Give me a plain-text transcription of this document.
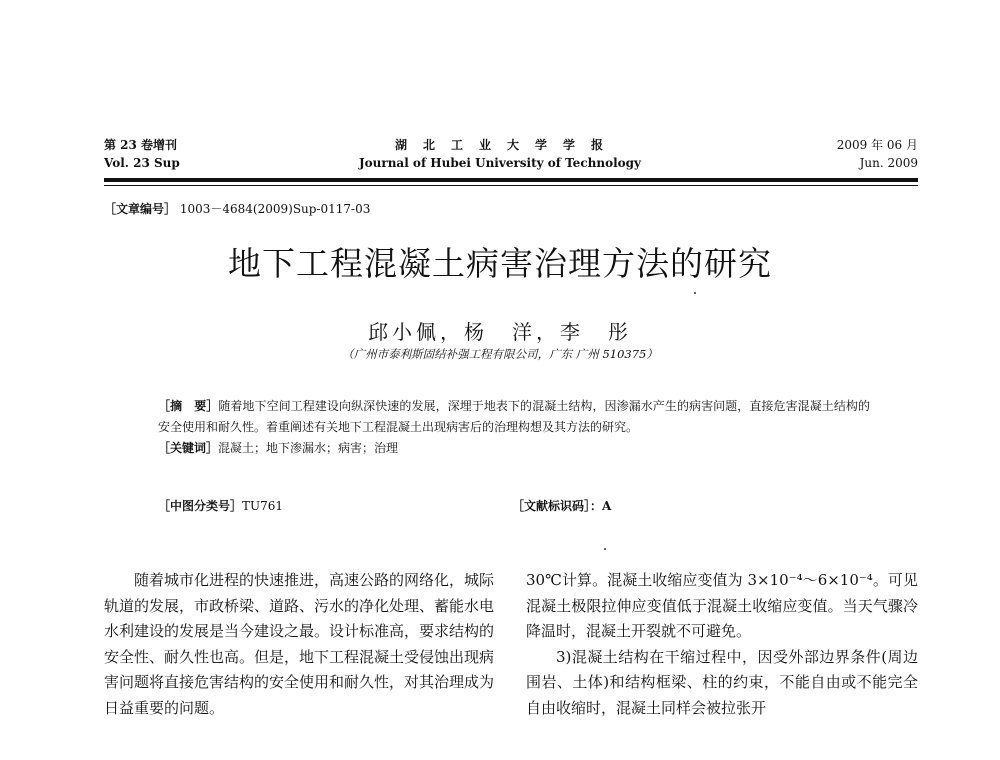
第 23 卷增刊
Vol. 23 Sup
湖　北　工　业　大　学　学　报
Journal of Hubei University of Technology
2009 年 06 月
Jun. 2009
［文章编号］ 1003－4684(2009)Sup-0117-03
地下工程混凝土病害治理方法的研究
邱小佩，杨　洋，李　彤
（广州市泰利斯固结补强工程有限公司，广东 广州 510375）

［摘　要］随着地下空间工程建设向纵深快速的发展，深埋于地表下的混凝土结构，因渗漏水产生的病害问题，直接危害混凝土结构的安全使用和耐久性。着重阐述有关地下工程混凝土出现病害后的治理构想及其方法的研究。

［关键词］混凝土；地下渗漏水；病害；治理

［中图分类号］TU761	［文献标识码］：A

随着城市化进程的快速推进，高速公路的网络化，城际轨道的发展，市政桥梁、道路、污水的净化处理、蓄能水电水利建设的发展是当今建设之最。设计标准高，要求结构的安全性、耐久性也高。但是，地下工程混凝土受侵蚀出现病害问题将直接危害结构的安全使用和耐久性，对其治理成为日益重要的问题。

30℃计算。混凝土收缩应变值为 3×10⁻⁴～6×10⁻⁴。可见混凝土极限拉伸应变值低于混凝土收缩应变值。当天气骤冷降温时，混凝土开裂就不可避免。

3)混凝土结构在干缩过程中，因受外部边界条件(周边围岩、土体)和结构框梁、柱的约束，不能自由或不能完全自由收缩时，混凝土同样会被拉张开
